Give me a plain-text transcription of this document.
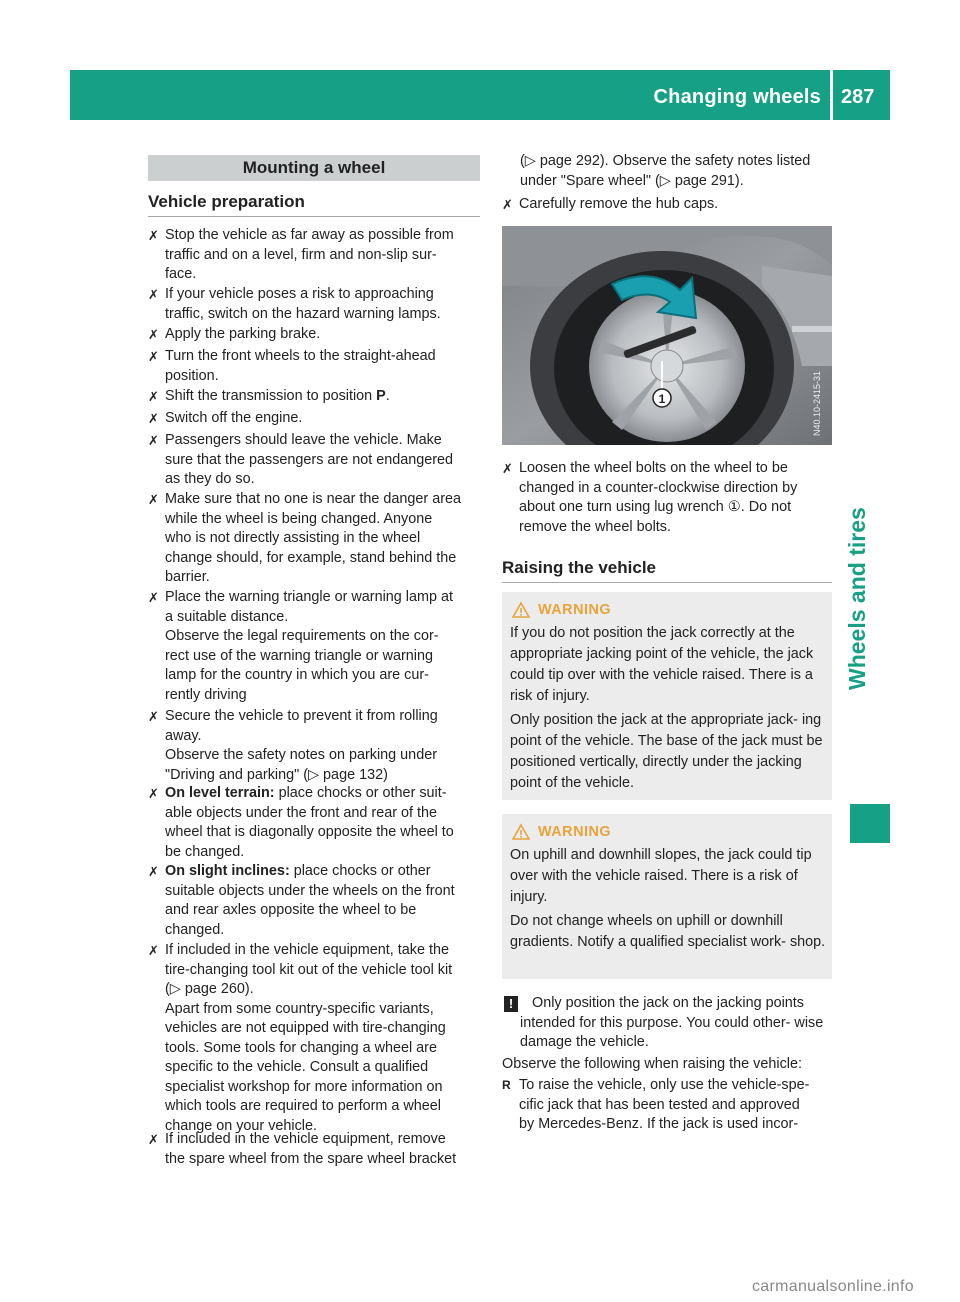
Changing wheels 287
Wheels and tires
Mounting a wheel
Vehicle preparation
✗ Stop the vehicle as far away as possible from
traffic and on a level, firm and non-slip sur-
face.
✗ If your vehicle poses a risk to approaching
traffic, switch on the hazard warning lamps.
✗ Apply the parking brake.
✗ Turn the front wheels to the straight-ahead
position.
✗ Shift the transmission to position P.
✗ Switch off the engine.
✗ Passengers should leave the vehicle. Make
sure that the passengers are not endangered
as they do so.
✗ Make sure that no one is near the danger area
while the wheel is being changed. Anyone
who is not directly assisting in the wheel
change should, for example, stand behind the
barrier.
✗ Place the warning triangle or warning lamp at
a suitable distance.
Observe the legal requirements on the cor-
rect use of the warning triangle or warning
lamp for the country in which you are cur-
rently driving
✗ Secure the vehicle to prevent it from rolling
away.
Observe the safety notes on parking under
"Driving and parking" (▷ page 132)
✗ On level terrain: place chocks or other suit-
able objects under the front and rear of the
wheel that is diagonally opposite the wheel to
be changed.
✗ On slight inclines: place chocks or other
suitable objects under the wheels on the front
and rear axles opposite the wheel to be
changed.
✗ If included in the vehicle equipment, take the
tire-changing tool kit out of the vehicle tool kit
(▷ page 260).
Apart from some country-specific variants,
vehicles are not equipped with tire-changing
tools. Some tools for changing a wheel are
specific to the vehicle. Consult a qualified
specialist workshop for more information on
which tools are required to perform a wheel
change on your vehicle.
✗ If included in the vehicle equipment, remove
the spare wheel from the spare wheel bracket
(▷ page 292). Observe the safety notes listed under "Spare wheel" (▷ page 291).
✗ Carefully remove the hub caps.
1	N40.10-2415-31
✗ Loosen the wheel bolts on the wheel to be
changed in a counter-clockwise direction by
about one turn using lug wrench ①. Do not
remove the wheel bolts.
Raising the vehicle
WARNING
If you do not position the jack correctly at the appropriate jacking point of the vehicle, the jack could tip over with the vehicle raised. There is a risk of injury.
Only position the jack at the appropriate jack- ing point of the vehicle. The base of the jack must be positioned vertically, directly under the jacking point of the vehicle.
WARNING
On uphill and downhill slopes, the jack could tip over with the vehicle raised. There is a risk of injury.
Do not change wheels on uphill or downhill gradients. Notify a qualified specialist work- shop.
!	Only position the jack on the jacking points intended for this purpose. You could other- wise damage the vehicle.
Observe the following when raising the vehicle:
R To raise the vehicle, only use the vehicle-spe-
cific jack that has been tested and approved
by Mercedes-Benz. If the jack is used incor-
carmanualsonline.info
